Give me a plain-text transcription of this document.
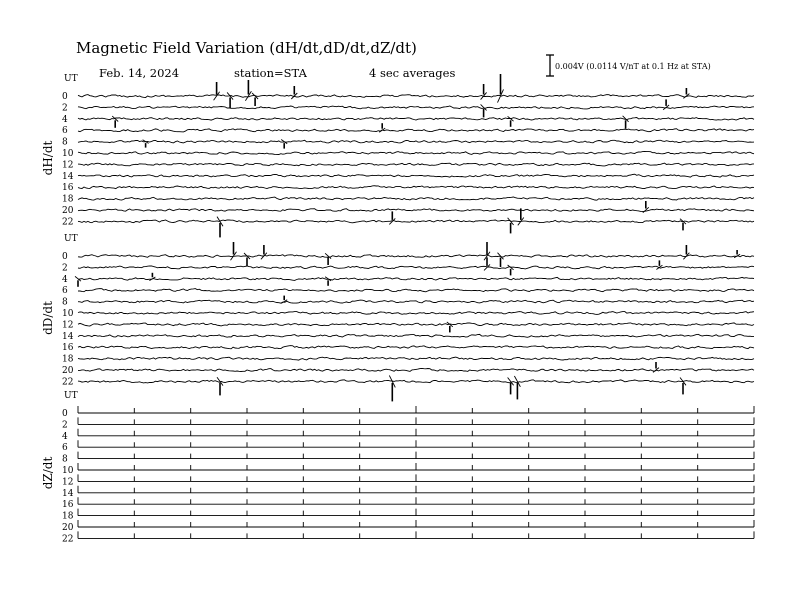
Magnetic Field Variation (dH/dt,dD/dt,dZ/dt)
Feb. 14, 2024	station=STA	4 sec averages	0.004V (0.0114 V/nT at 0.1 Hz at STA)
UT
dH/dt
0
2
4
6
8
10
12
14
16
18
20
22
UT
dD/dt
0
2
4
6
8
10
12
14
16
18
20
22
UT
dZ/dt
0
2
4
6
8
10
12
14
16
18
20
22
